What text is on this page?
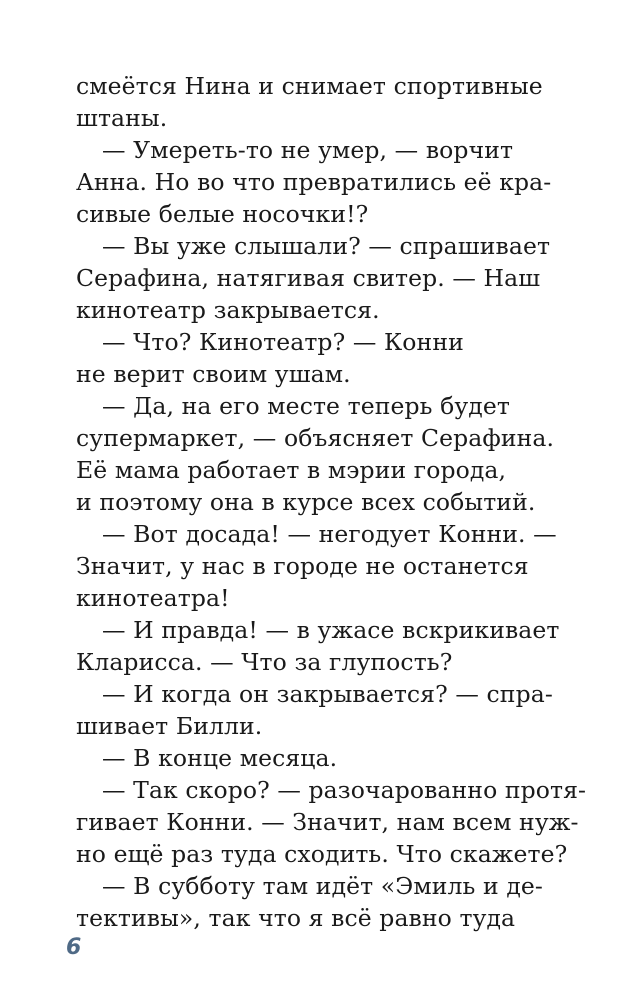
смеётся Нина и снимает спортивные
штаны.
— Умереть-то не умер, — ворчит
Анна. Но во что превратились её кра-
сивые белые носочки!?
— Вы уже слышали? — спрашивает
Серафина, натягивая свитер. — Наш
кинотеатр закрывается.
— Что? Кинотеатр? — Конни
не верит своим ушам.
— Да, на его месте теперь будет
супермаркет, — объясняет Серафина.
Её мама работает в мэрии города,
и поэтому она в курсе всех событий.
— Вот досада! — негодует Конни. —
Значит, у нас в городе не останется
кинотеатра!
— И правда! — в ужасе вскрикивает
Кларисса. — Что за глупость?
— И когда он закрывается? — спра-
шивает Билли.
— В конце месяца.
— Так скоро? — разочарованно протя-
гивает Конни. — Значит, нам всем нуж-
но ещё раз туда сходить. Что скажете?
— В субботу там идёт «Эмиль и де-
тективы», так что я всё равно туда
6
